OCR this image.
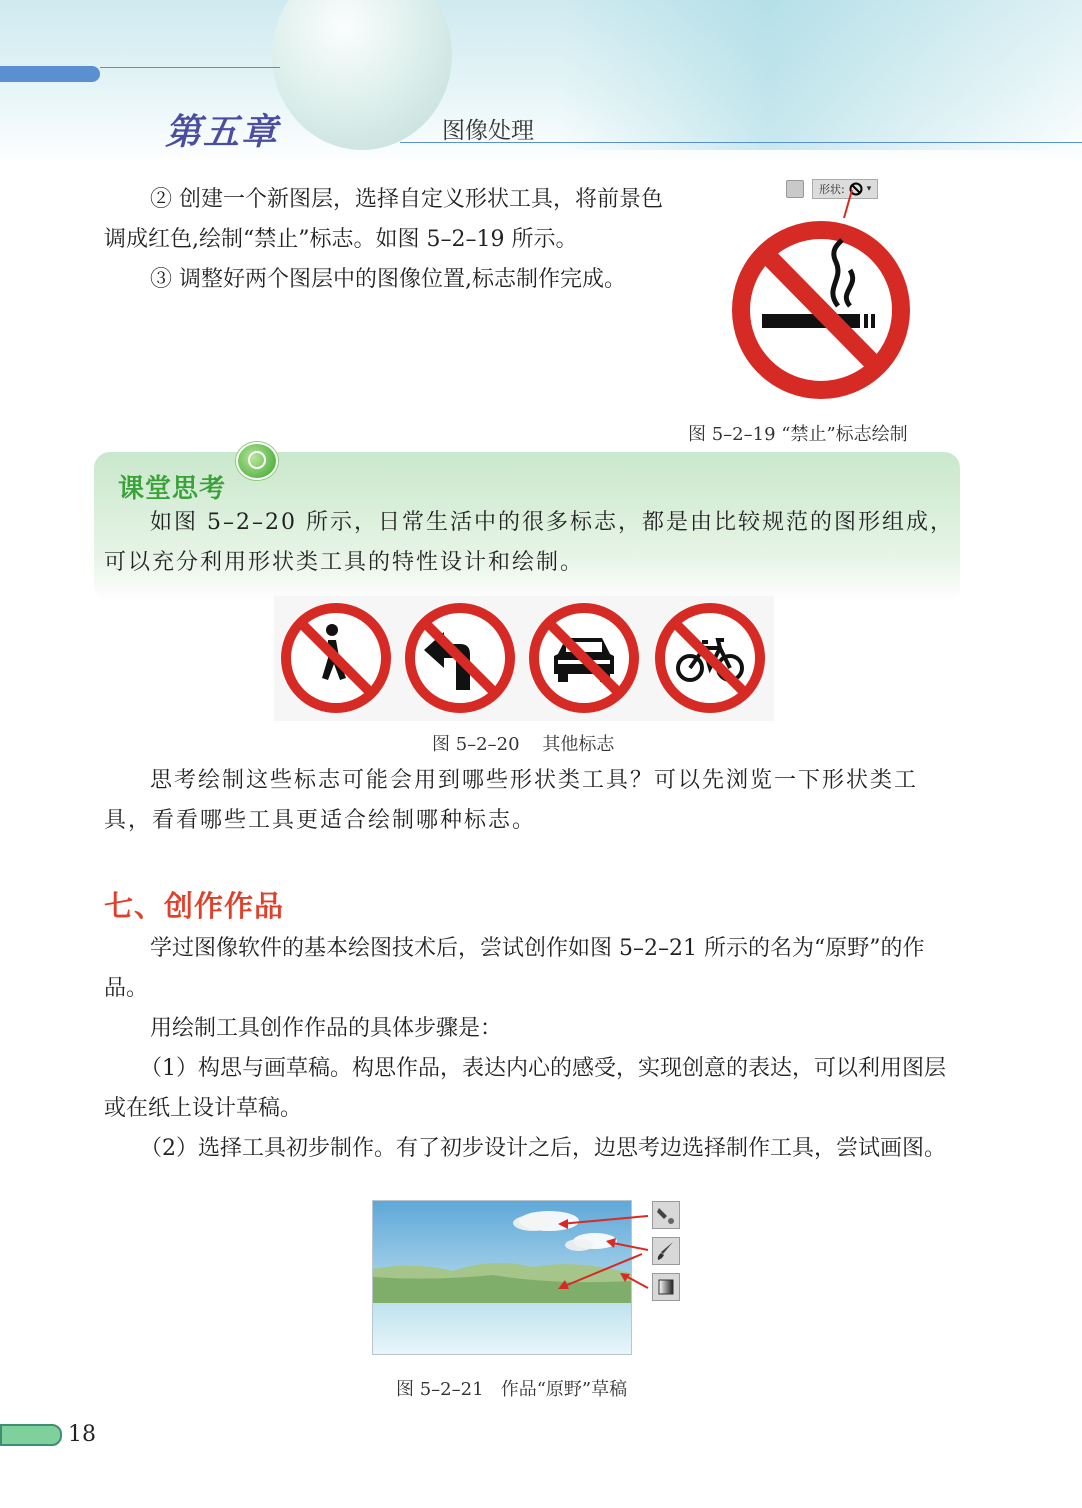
第五章	图像处理
② 创建一个新图层，选择自定义形状工具，将前景色调成红色,绘制“禁止”标志。如图 5–2–19 所示。
③ 调整好两个图层中的图像位置,标志制作完成。
形状: ▾
图 5–2–19 “禁止”标志绘制
课堂思考
如图 5–2–20 所示，日常生活中的很多标志，都是由比较规范的图形组成，可以充分利用形状类工具的特性设计和绘制。
图 5–2–20 其他标志
思考绘制这些标志可能会用到哪些形状类工具？可以先浏览一下形状类工具，看看哪些工具更适合绘制哪种标志。
七、创作作品
学过图像软件的基本绘图技术后，尝试创作如图 5–2–21 所示的名为“原野”的作品。
用绘制工具创作作品的具体步骤是：
（1）构思与画草稿。构思作品，表达内心的感受，实现创意的表达，可以利用图层或在纸上设计草稿。
（2）选择工具初步制作。有了初步设计之后，边思考边选择制作工具，尝试画图。
图 5–2–21 作品“原野”草稿
18
